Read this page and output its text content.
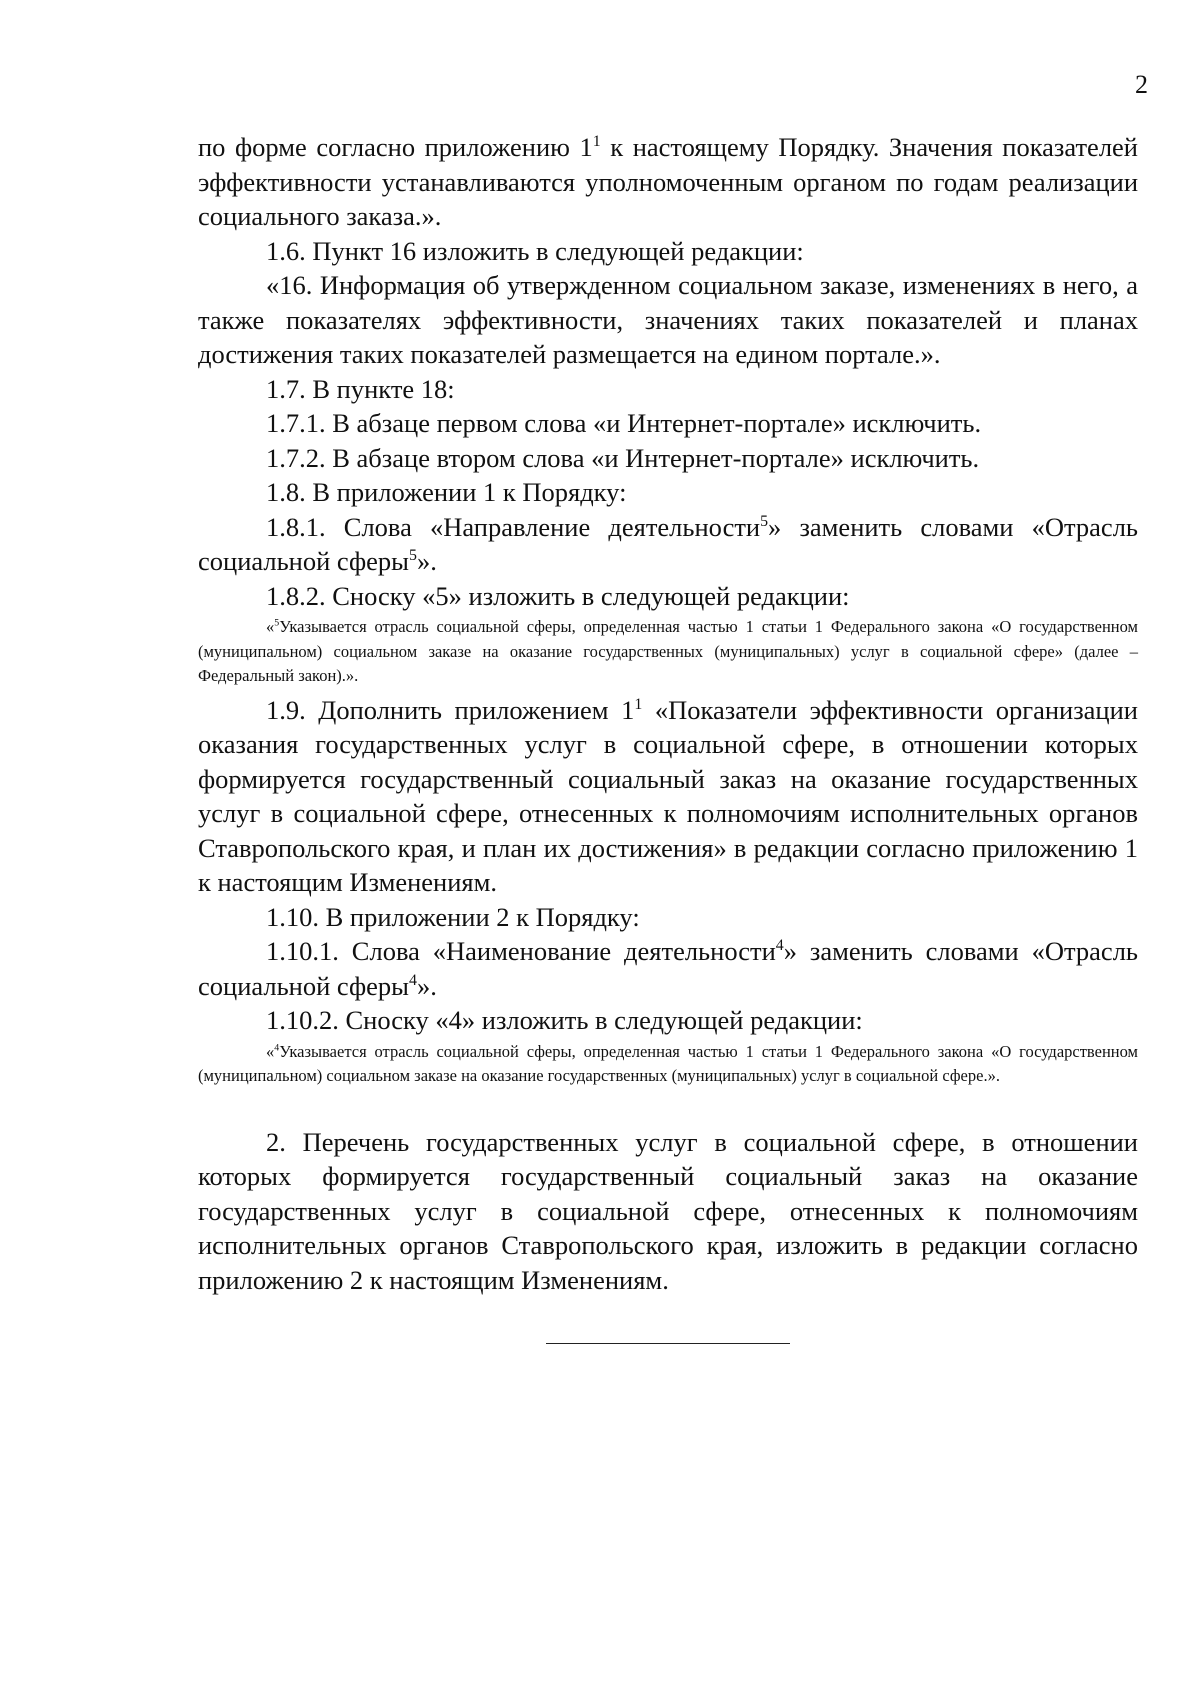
2

по форме согласно приложению $1^1$ к настоящему Порядку. Значения показателей эффективности устанавливаются уполномоченным органом по годам реализации социального заказа.».

1.6. Пункт 16 изложить в следующей редакции:

«16. Информация об утвержденном социальном заказе, изменениях в него, а также показателях эффективности, значениях таких показателей и планах достижения таких показателей размещается на едином портале.».

1.7. В пункте 18:

1.7.1. В абзаце первом слова «и Интернет-портале» исключить.

1.7.2. В абзаце втором слова «и Интернет-портале» исключить.

1.8. В приложении 1 к Порядку:

1.8.1. Слова «Направление деятельности$^5$» заменить словами «Отрасль социальной сферы$^5$».

1.8.2. Сноску «5» изложить в следующей редакции:

«$^5$Указывается отрасль социальной сферы, определенная частью 1 статьи 1 Федерального закона «О государственном (муниципальном) социальном заказе на оказание государственных (муниципальных) услуг в социальной сфере» (далее – Федеральный закон).».

1.9. Дополнить приложением $1^1$ «Показатели эффективности организации оказания государственных услуг в социальной сфере, в отношении которых формируется государственный социальный заказ на оказание государственных услуг в социальной сфере, отнесенных к полномочиям исполнительных органов Ставропольского края, и план их достижения» в редакции согласно приложению 1 к настоящим Изменениям.

1.10. В приложении 2 к Порядку:

1.10.1. Слова «Наименование деятельности$^4$» заменить словами «Отрасль социальной сферы$^4$».

1.10.2. Сноску «4» изложить в следующей редакции:

«$^4$Указывается отрасль социальной сферы, определенная частью 1 статьи 1 Федерального закона «О государственном (муниципальном) социальном заказе на оказание государственных (муниципальных) услуг в социальной сфере.».

2. Перечень государственных услуг в социальной сфере, в отношении которых формируется государственный социальный заказ на оказание государственных услуг в социальной сфере, отнесенных к полномочиям исполнительных органов Ставропольского края, изложить в редакции согласно приложению 2 к настоящим Изменениям.
